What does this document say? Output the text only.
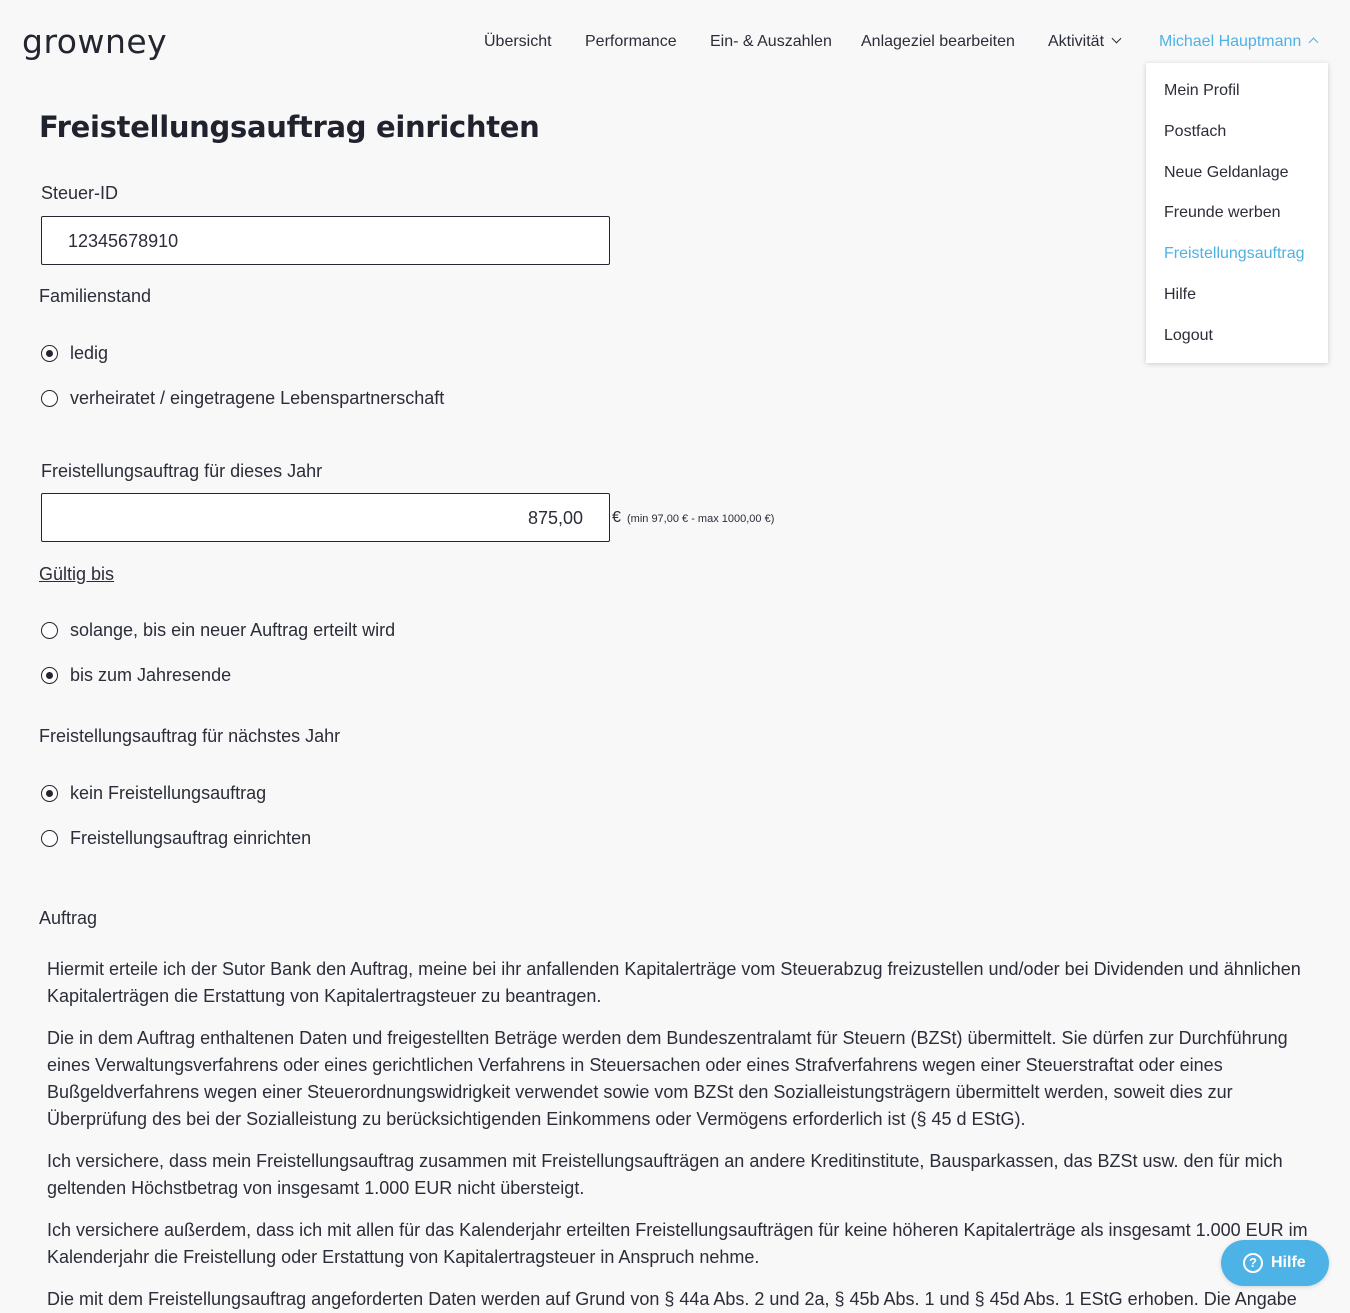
growney	Übersicht Performance Ein- & Auszahlen Anlageziel bearbeiten Aktivität	Michael Hauptmann
Mein Profil
Postfach
Neue Geldanlage
Freunde werben
Freistellungsauftrag
Hilfe
Logout
Freistellungsauftrag einrichten
Steuer-ID
12345678910
Familienstand
ledig
verheiratet / eingetragene Lebenspartnerschaft
Freistellungsauftrag für dieses Jahr
875,00 € (min 97,00 € - max 1000,00 €)
Gültig bis
solange, bis ein neuer Auftrag erteilt wird
bis zum Jahresende
Freistellungsauftrag für nächstes Jahr
kein Freistellungsauftrag
Freistellungsauftrag einrichten
Auftrag

Hiermit erteile ich der Sutor Bank den Auftrag, meine bei ihr anfallenden Kapitalerträge vom Steuerabzug freizustellen und/oder bei Dividenden und ähnlichen Kapitalerträgen die Erstattung von Kapitalertragsteuer zu beantragen.

Die in dem Auftrag enthaltenen Daten und freigestellten Beträge werden dem Bundeszentralamt für Steuern (BZSt) übermittelt. Sie dürfen zur Durchführung eines Verwaltungsverfahrens oder eines gerichtlichen Verfahrens in Steuersachen oder eines Strafverfahrens wegen einer Steuerstraftat oder eines Bußgeldverfahrens wegen einer Steuerordnungswidrigkeit verwendet sowie vom BZSt den Sozialleistungsträgern übermittelt werden, soweit dies zur Überprüfung des bei der Sozialleistung zu berücksichtigenden Einkommens oder Vermögens erforderlich ist (§ 45 d EStG).

Ich versichere, dass mein Freistellungsauftrag zusammen mit Freistellungsaufträgen an andere Kreditinstitute, Bausparkassen, das BZSt usw. den für mich geltenden Höchstbetrag von insgesamt 1.000 EUR nicht übersteigt.

Ich versichere außerdem, dass ich mit allen für das Kalenderjahr erteilten Freistellungsaufträgen für keine höheren Kapitalerträge als insgesamt 1.000 EUR im Kalenderjahr die Freistellung oder Erstattung von Kapitalertragsteuer in Anspruch nehme.

Die mit dem Freistellungsauftrag angeforderten Daten werden auf Grund von § 44a Abs. 2 und 2a, § 45b Abs. 1 und § 45d Abs. 1 EStG erhoben. Die Angabe

? Hilfe
